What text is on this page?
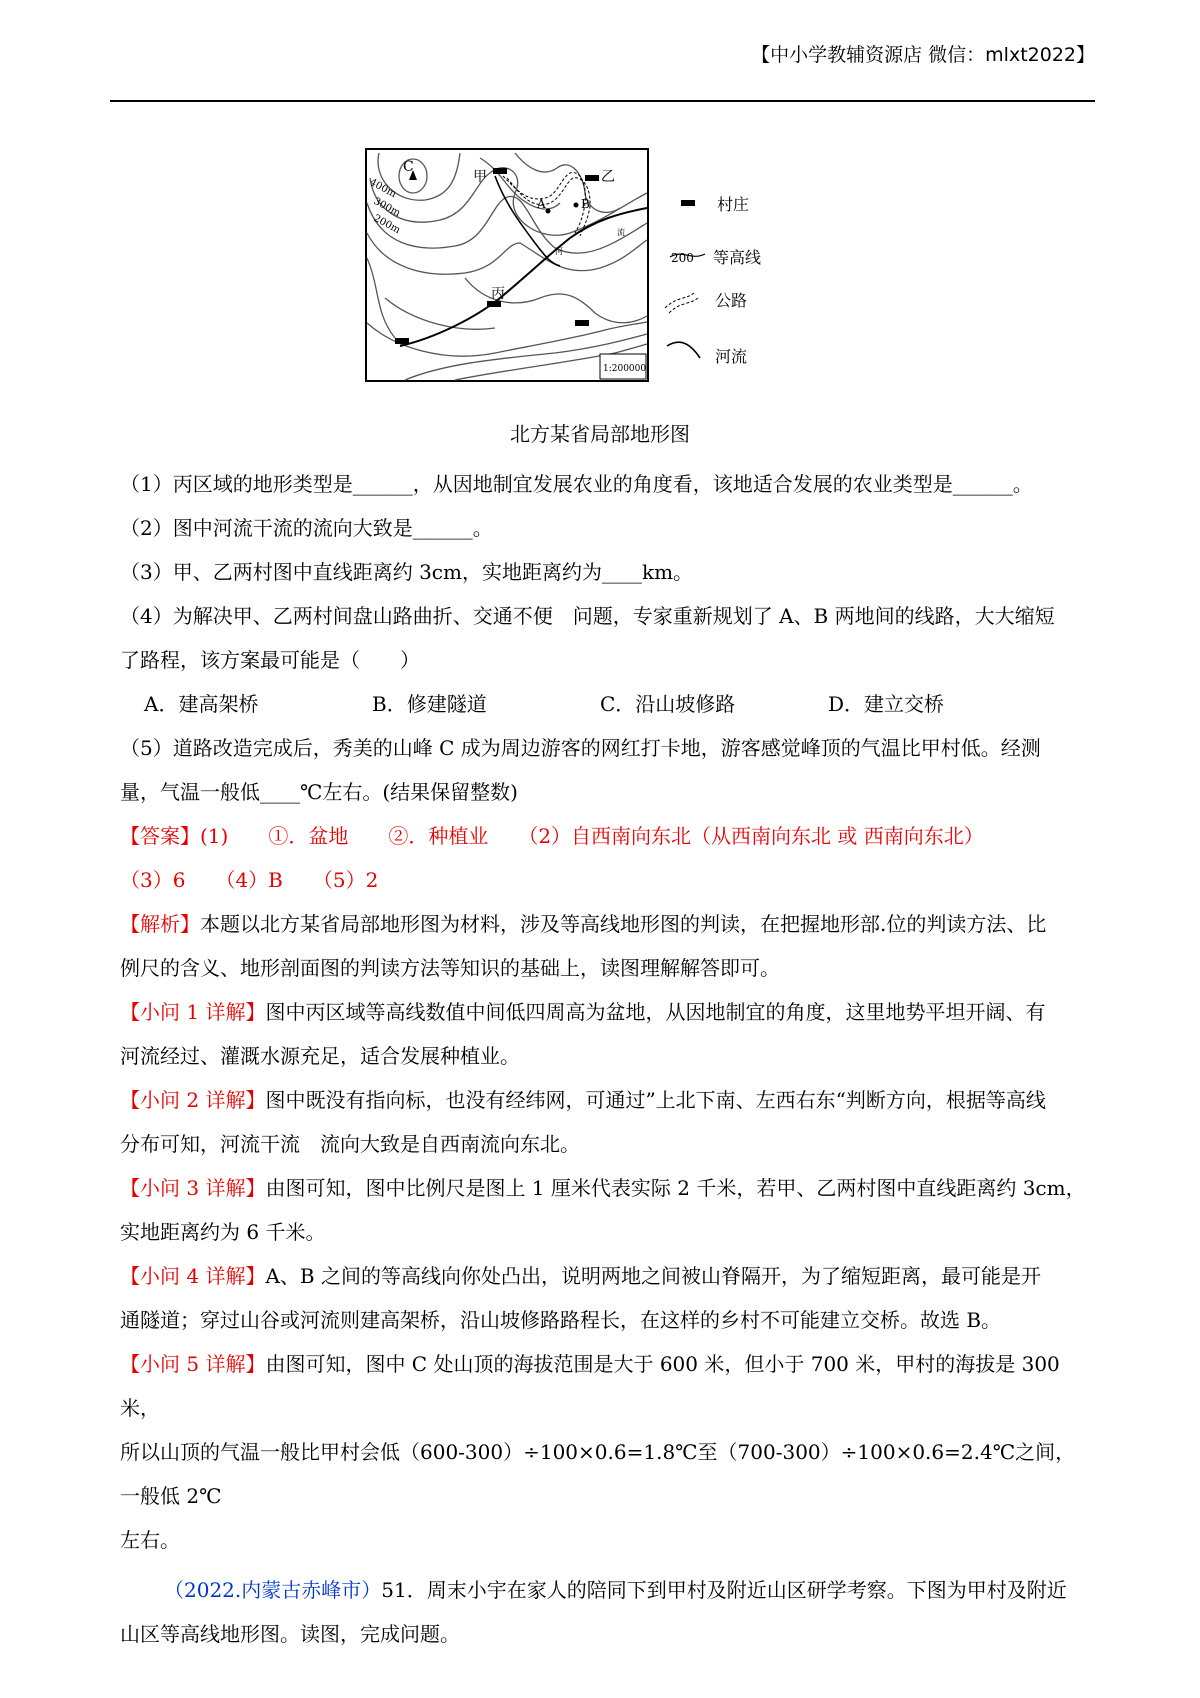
【中小学教辅资源店 微信：mlxt2022】
C
400m
300m
200m
甲	乙
丙
A	B
流
河
1:200000
村庄
200 等高线
公路
河流
北方某省局部地形图

（1）丙区域的地形类型是______，从因地制宜发展农业的角度看，该地适合发展的农业类型是______。

（2）图中河流干流的流向大致是______。

（3）甲、乙两村图中直线距离约 3cm，实地距离约为____km。

（4）为解决甲、乙两村间盘山路曲折、交通不便　问题，专家重新规划了 A、B 两地间的线路，大大缩短

了路程，该方案最可能是（　　）

A．建高架桥	B．修建隧道	C．沿山坡修路	D．建立交桥

（5）道路改造完成后，秀美的山峰 C 成为周边游客的网红打卡地，游客感觉峰顶的气温比甲村低。经测

量，气温一般低____℃左右。(结果保留整数)

【答案】(1)　　①．盆地　　②．种植业　　（2）自西南向东北（从西南向东北 或 西南向东北）

（3）6　　（4）B　　（5）2

【解析】本题以北方某省局部地形图为材料，涉及等高线地形图的判读，在把握地形部.位的判读方法、比

例尺的含义、地形剖面图的判读方法等知识的基础上，读图理解解答即可。

【小问 1 详解】图中丙区域等高线数值中间低四周高为盆地，从因地制宜的角度，这里地势平坦开阔、有

河流经过、灌溉水源充足，适合发展种植业。

【小问 2 详解】图中既没有指向标，也没有经纬网，可通过”上北下南、左西右东“判断方向，根据等高线

分布可知，河流干流　流向大致是自西南流向东北。

【小问 3 详解】由图可知，图中比例尺是图上 1 厘米代表实际 2 千米，若甲、乙两村图中直线距离约 3cm，

实地距离约为 6 千米。

【小问 4 详解】A、B 之间的等高线向你处凸出，说明两地之间被山脊隔开，为了缩短距离，最可能是开

通隧道；穿过山谷或河流则建高架桥，沿山坡修路路程长，在这样的乡村不可能建立交桥。故选 B。

【小问 5 详解】由图可知，图中 C 处山顶的海拔范围是大于 600 米，但小于 700 米，甲村的海拔是 300 米，

所以山顶的气温一般比甲村会低（600-300）÷100×0.6=1.8℃至（700-300）÷100×0.6=2.4℃之间，一般低 2℃

左右。

（2022.内蒙古赤峰市）51．周末小宇在家人的陪同下到甲村及附近山区研学考察。下图为甲村及附近

山区等高线地形图。读图，完成问题。
